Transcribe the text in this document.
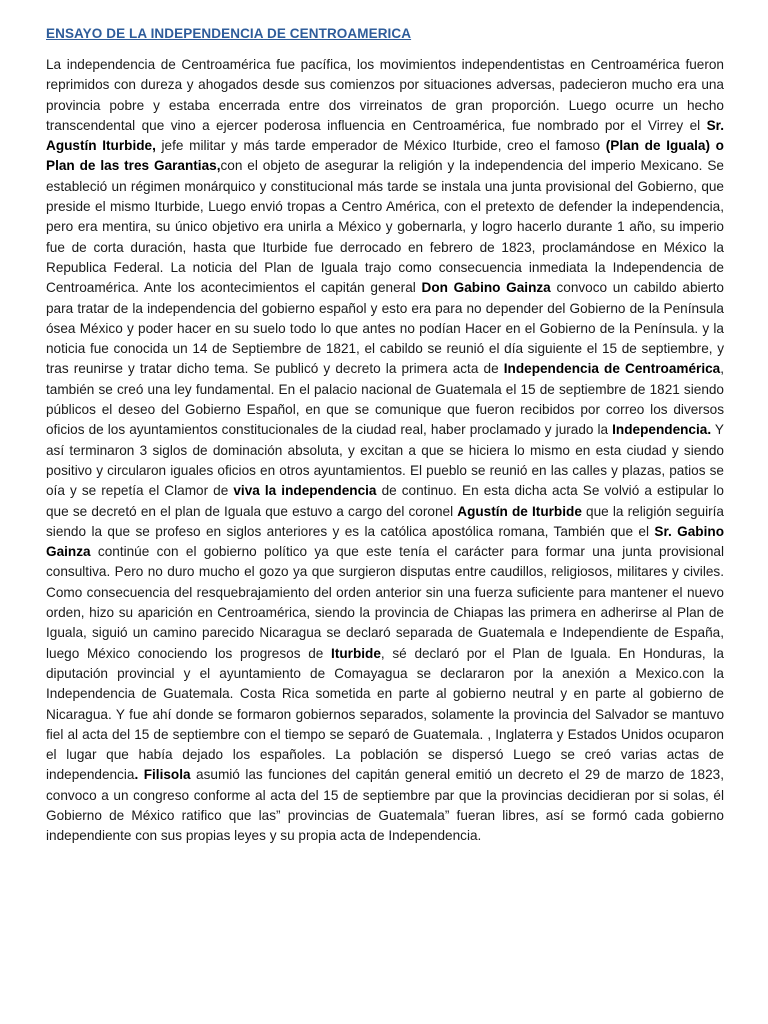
ENSAYO DE LA INDEPENDENCIA DE CENTROAMERICA

La independencia de Centroamérica fue pacífica, los movimientos independentistas en Centroamérica fueron reprimidos con dureza y ahogados desde sus comienzos por situaciones adversas, padecieron mucho era una provincia pobre y estaba encerrada entre dos virreinatos de gran proporción. Luego ocurre un hecho transcendental que vino a ejercer poderosa influencia en Centroamérica, fue nombrado por el Virrey el Sr. Agustín Iturbide, jefe militar y más tarde emperador de México Iturbide, creo el famoso (Plan de Iguala) o Plan de las tres Garantias,con el objeto de asegurar la religión y la independencia del imperio Mexicano. Se estableció un régimen monárquico y constitucional más tarde se instala una junta provisional del Gobierno, que preside el mismo Iturbide, Luego envió tropas a Centro América, con el pretexto de defender la independencia, pero era mentira, su único objetivo era unirla a México y gobernarla, y logro hacerlo durante 1 año, su imperio fue de corta duración, hasta que Iturbide fue derrocado en febrero de 1823, proclamándose en México la Republica Federal. La noticia del Plan de Iguala trajo como consecuencia inmediata la Independencia de Centroamérica. Ante los acontecimientos el capitán general Don Gabino Gainza convoco un cabildo abierto para tratar de la independencia del gobierno español y esto era para no depender del Gobierno de la Península ósea México y poder hacer en su suelo todo lo que antes no podían Hacer en el Gobierno de la Península. y la noticia fue conocida un 14 de Septiembre de 1821, el cabildo se reunió el día siguiente el 15 de septiembre, y tras reunirse y tratar dicho tema. Se publicó y decreto la primera acta de Independencia de Centroamérica, también se creó una ley fundamental. En el palacio nacional de Guatemala el 15 de septiembre de 1821 siendo públicos el deseo del Gobierno Español, en que se comunique que fueron recibidos por correo los diversos oficios de los ayuntamientos constitucionales de la ciudad real, haber proclamado y jurado la Independencia. Y así terminaron 3 siglos de dominación absoluta, y excitan a que se hiciera lo mismo en esta ciudad y siendo positivo y circularon iguales oficios en otros ayuntamientos. El pueblo se reunió en las calles y plazas, patios se oía y se repetía el Clamor de viva la independencia de continuo. En esta dicha acta Se volvió a estipular lo que se decretó en el plan de Iguala que estuvo a cargo del coronel Agustín de Iturbide que la religión seguiría siendo la que se profeso en siglos anteriores y es la católica apostólica romana, También que el Sr. Gabino Gainza continúe con el gobierno político ya que este tenía el carácter para formar una junta provisional consultiva. Pero no duro mucho el gozo ya que surgieron disputas entre caudillos, religiosos, militares y civiles. Como consecuencia del resquebrajamiento del orden anterior sin una fuerza suficiente para mantener el nuevo orden, hizo su aparición en Centroamérica, siendo la provincia de Chiapas las primera en adherirse al Plan de Iguala, siguió un camino parecido Nicaragua se declaró separada de Guatemala e Independiente de España, luego México conociendo los progresos de Iturbide, sé declaró por el Plan de Iguala. En Honduras, la diputación provincial y el ayuntamiento de Comayagua se declararon por la anexión a Mexico.con la Independencia de Guatemala. Costa Rica sometida en parte al gobierno neutral y en parte al gobierno de Nicaragua. Y fue ahí donde se formaron gobiernos separados, solamente la provincia del Salvador se mantuvo fiel al acta del 15 de septiembre con el tiempo se separó de Guatemala. , Inglaterra y Estados Unidos ocuparon el lugar que había dejado los españoles. La población se dispersó Luego se creó varias actas de independencia. Filisola asumió las funciones del capitán general emitió un decreto el 29 de marzo de 1823, convoco a un congreso conforme al acta del 15 de septiembre par que la provincias decidieran por si solas, él Gobierno de México ratifico que las” provincias de Guatemala” fueran libres, así se formó cada gobierno independiente con sus propias leyes y su propia acta de Independencia.
